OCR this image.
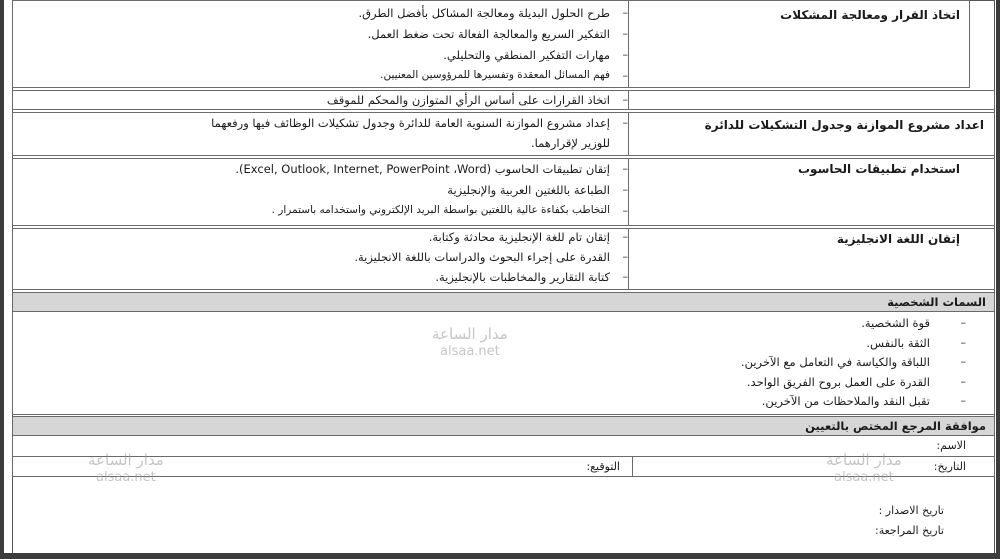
اتخاذ القرار ومعالجة المشكلات
طرح الحلول البديلة ومعالجة المشاكل بأفضل الطرق. –
التفكير السريع والمعالجة الفعالة تحت ضغط العمل. –
مهارات التفكير المنطقي والتحليلي. –
فهم المسائل المعقدة وتفسيرها للمرؤوسين المعنيين. –
اتخاذ القرارات على أساس الرأي المتوازن والمحكم للموقف –
اعداد مشروع الموازنة وجدول التشكيلات للدائرة
إعداد مشروع الموازنة السنوية العامة للدائرة وجدول تشكيلات الوظائف فيها ورفعهما –
للوزير لإقرارهما.
استخدام تطبيقات الحاسوب
إتقان تطبيقات الحاسوب (Excel, Outlook, Internet, PowerPoint ،Word). –
الطباعة باللغتين العربية والإنجليزية –
التخاطب بكفاءة عالية باللغتين بواسطة البريد الإلكتروني واستخدامه باستمرار . –
إتقان اللغة الانجليزية
إتقان تام للغة الإنجليزية محادثة وكتابة. –
القدرة على إجراء البحوث والدراسات باللغة الانجليزية. –
كتابة التقارير والمخاطبات بالإنجليزية. –
السمات الشخصية
قوة الشخصية.	–
الثقة بالنفس.	–
اللباقة والكياسة في التعامل مع الآخرين.	–
القدرة على العمل بروح الفريق الواحد.	–
تقبل النقد والملاحظات من الآخرين.	–
موافقة المرجع المختص بالتعيين
الاسم:
التاريخ:
التوقيع:
تاريخ الاصدار :
تاريخ المراجعة:
مدار الساعة
alsaa.net
مدار الساعة
alsaa.net
مدار الساعة
alsaa.net
